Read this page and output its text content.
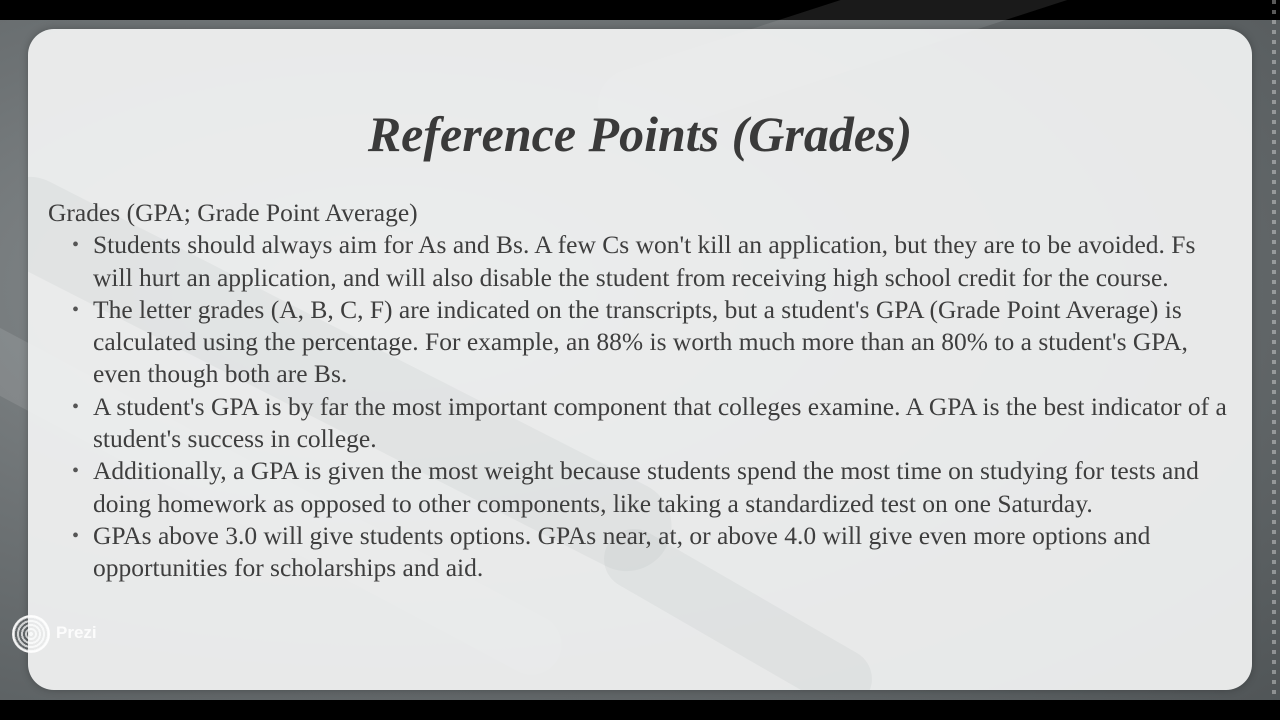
Reference Points (Grades)

Grades (GPA; Grade Point Average)

• Students should always aim for As and Bs. A few Cs won't kill an application, but they are to be avoided. Fs will hurt an application, and will also disable the student from receiving high school credit for the course.
• The letter grades (A, B, C, F) are indicated on the transcripts, but a student's GPA (Grade Point Average) is calculated using the percentage. For example, an 88% is worth much more than an 80% to a student's GPA, even though both are Bs.
• A student's GPA is by far the most important component that colleges examine. A GPA is the best indicator of a student's success in college.
• Additionally, a GPA is given the most weight because students spend the most time on studying for tests and doing homework as opposed to other components, like taking a standardized test on one Saturday.
• GPAs above 3.0 will give students options. GPAs near, at, or above 4.0 will give even more options and opportunities for scholarships and aid.
Prezi
